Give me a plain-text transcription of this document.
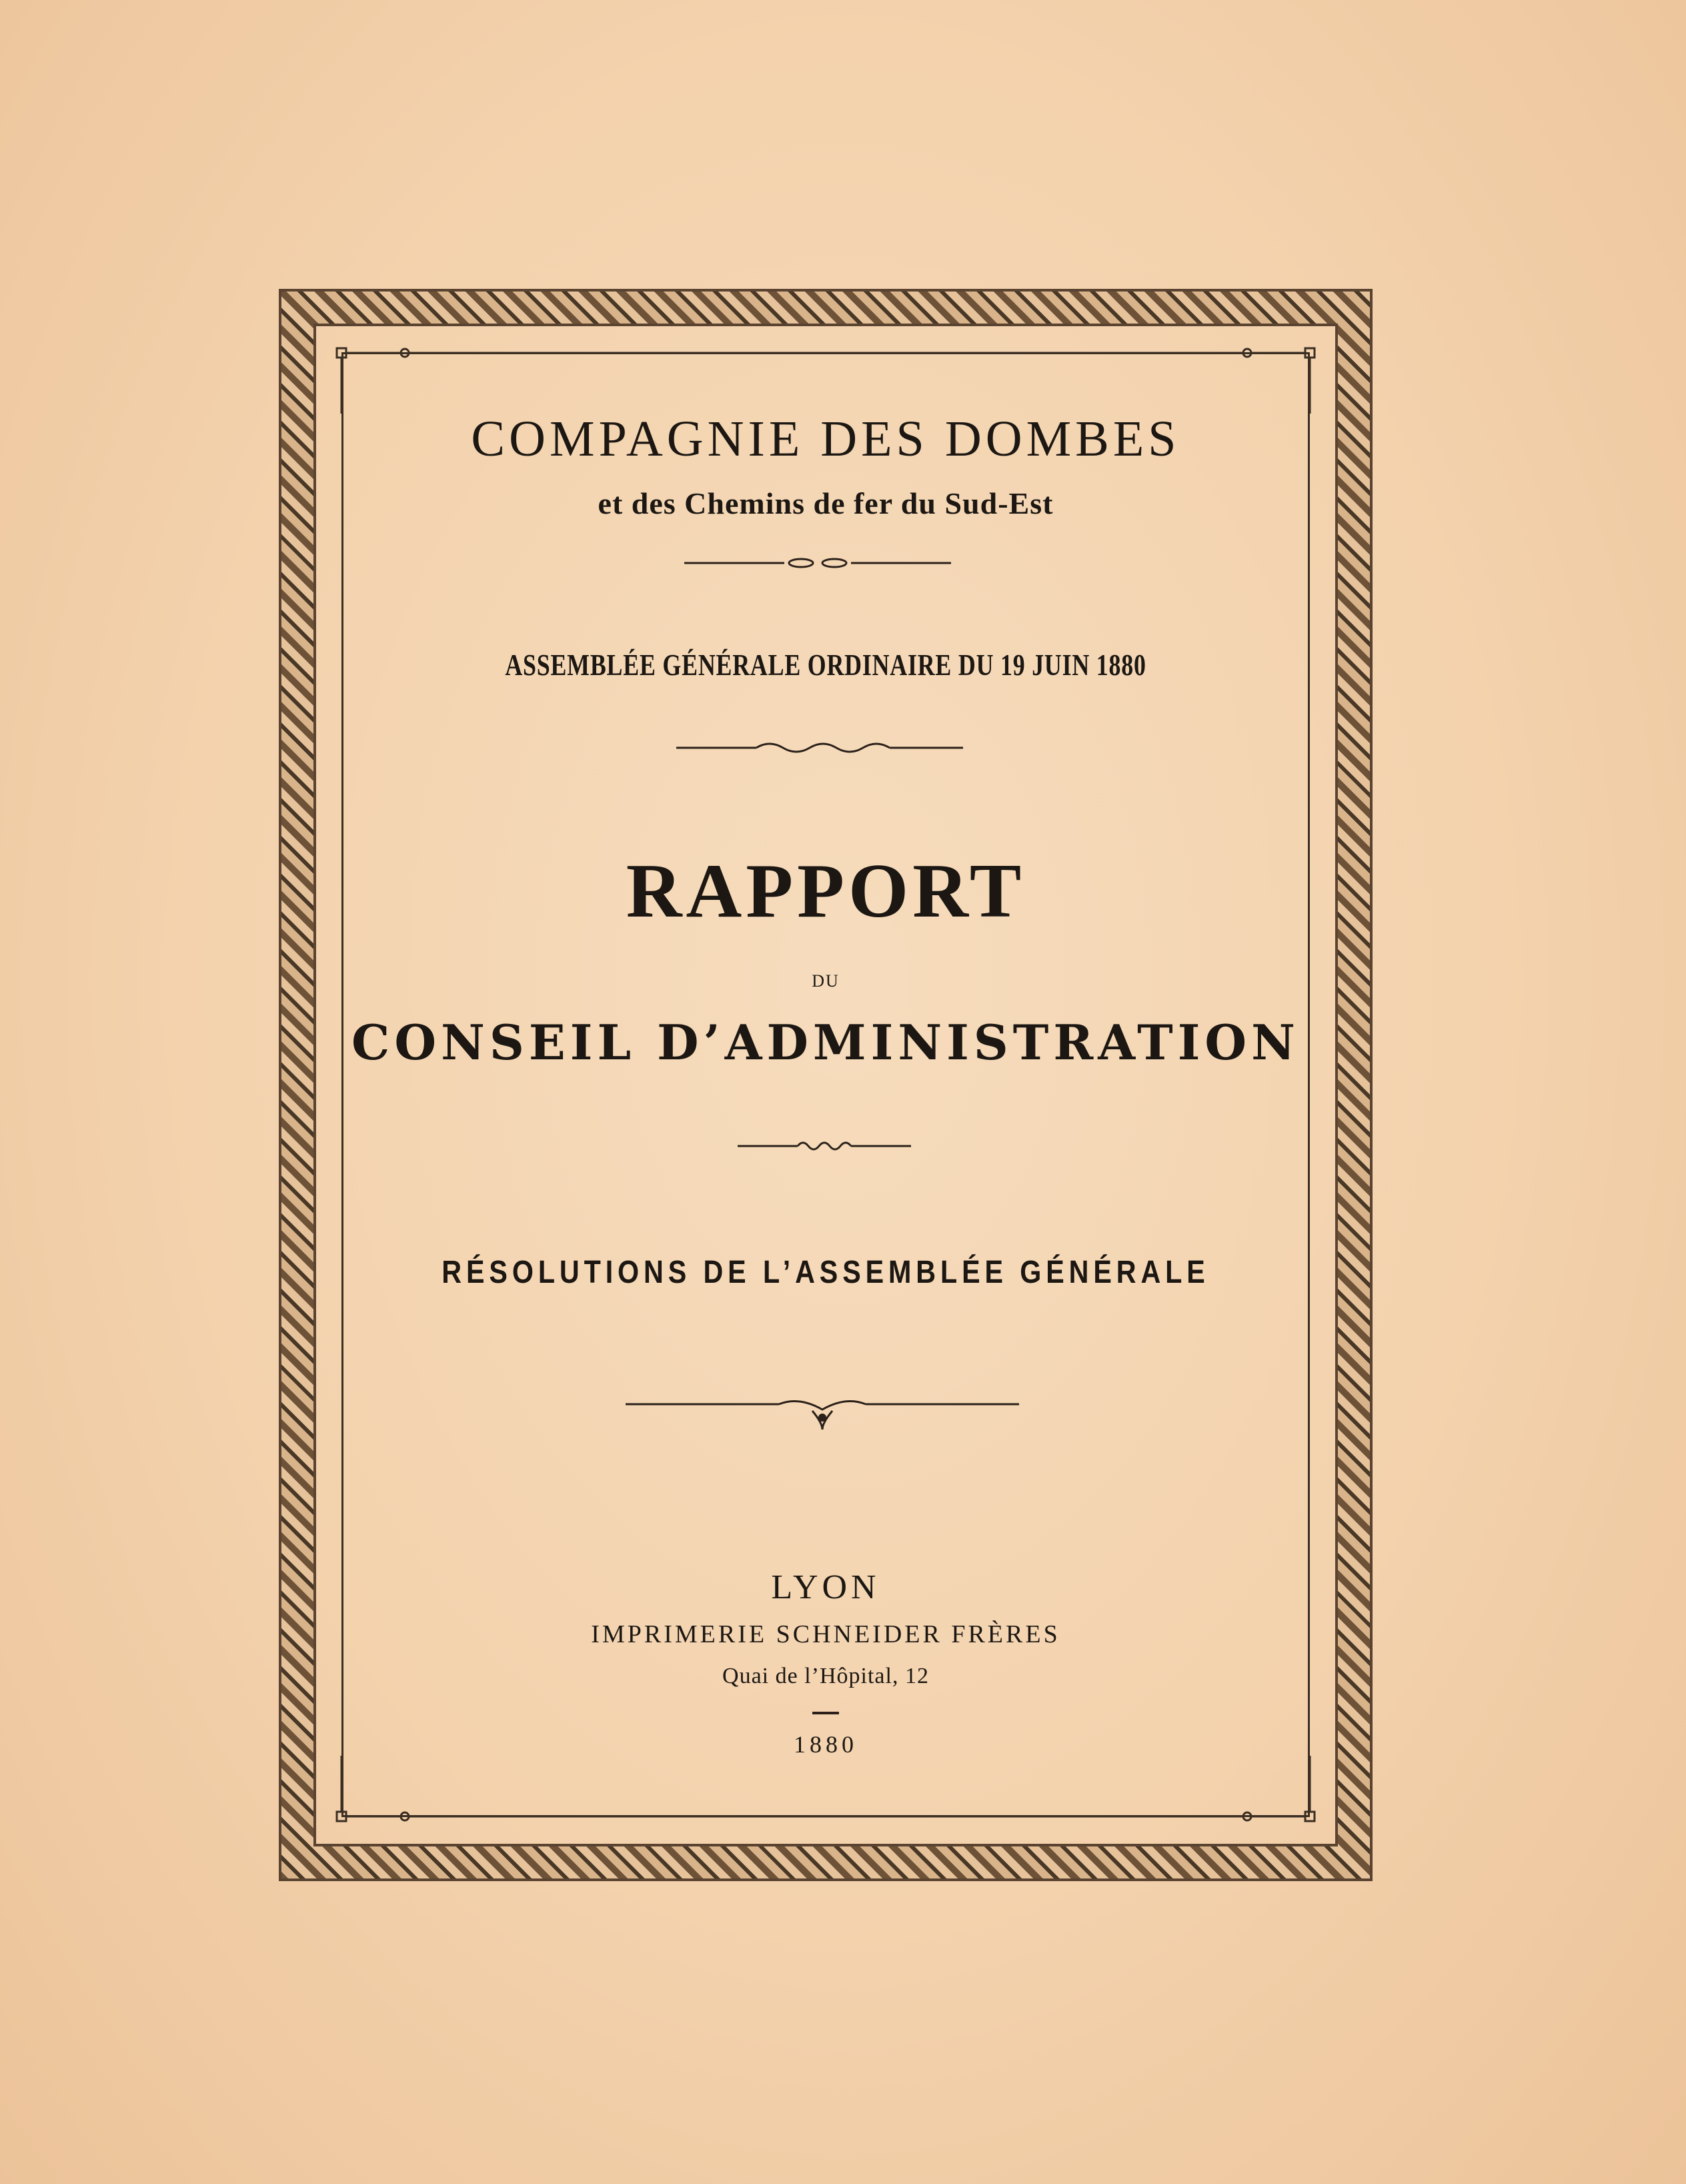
COMPAGNIE DES DOMBES
et des Chemins de fer du Sud-Est
ASSEMBLÉE GÉNÉRALE ORDINAIRE DU 19 JUIN 1880
RAPPORT
DU
CONSEIL D’ADMINISTRATION
RÉSOLUTIONS DE L’ASSEMBLÉE GÉNÉRALE
LYON
IMPRIMERIE SCHNEIDER FRÈRES
Quai de l’Hôpital, 12
1880
